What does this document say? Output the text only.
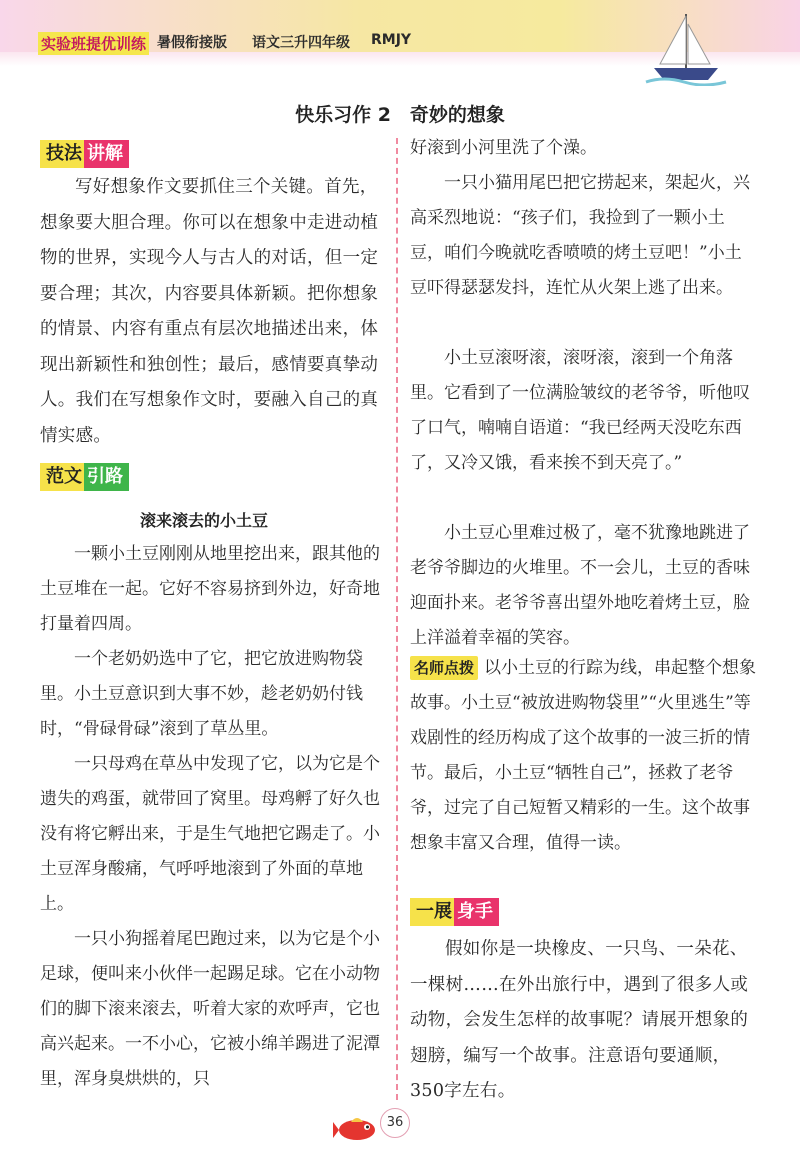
实验班提优训练 暑假衔接版 语文三升四年级 RMJY
快乐习作 2　奇妙的想象
技法 讲解

写好想象作文要抓住三个关键。首先，想象要大胆合理。你可以在想象中走进动植物的世界，实现今人与古人的对话，但一定要合理；其次，内容要具体新颖。把你想象的情景、内容有重点有层次地描述出来，体现出新颖性和独创性；最后，感情要真挚动人。我们在写想象作文时，要融入自己的真情实感。

范文 引路
滚来滚去的小土豆

一颗小土豆刚刚从地里挖出来，跟其他的土豆堆在一起。它好不容易挤到外边，好奇地打量着四周。

一个老奶奶选中了它，把它放进购物袋里。小土豆意识到大事不妙，趁老奶奶付钱时，“骨碌骨碌”滚到了草丛里。

一只母鸡在草丛中发现了它，以为它是个遗失的鸡蛋，就带回了窝里。母鸡孵了好久也没有将它孵出来，于是生气地把它踢走了。小土豆浑身酸痛，气呼呼地滚到了外面的草地上。

一只小狗摇着尾巴跑过来，以为它是个小足球，便叫来小伙伴一起踢足球。它在小动物们的脚下滚来滚去，听着大家的欢呼声，它也高兴起来。一不小心，它被小绵羊踢进了泥潭里，浑身臭烘烘的，只

好滚到小河里洗了个澡。

一只小猫用尾巴把它捞起来，架起火，兴高采烈地说：“孩子们，我捡到了一颗小土豆，咱们今晚就吃香喷喷的烤土豆吧！”小土豆吓得瑟瑟发抖，连忙从火架上逃了出来。

小土豆滚呀滚，滚呀滚，滚到一个角落里。它看到了一位满脸皱纹的老爷爷，听他叹了口气，喃喃自语道：“我已经两天没吃东西了，又冷又饿，看来挨不到天亮了。”

小土豆心里难过极了，毫不犹豫地跳进了老爷爷脚边的火堆里。不一会儿，土豆的香味迎面扑来。老爷爷喜出望外地吃着烤土豆，脸上洋溢着幸福的笑容。

名师点拨 以小土豆的行踪为线，串起整个想象故事。小土豆“被放进购物袋里”“火里逃生”等戏剧性的经历构成了这个故事的一波三折的情节。最后，小土豆“牺牲自己”，拯救了老爷爷，过完了自己短暂又精彩的一生。这个故事想象丰富又合理，值得一读。

一展 身手

假如你是一块橡皮、一只鸟、一朵花、一棵树……在外出旅行中，遇到了很多人或动物，会发生怎样的故事呢？请展开想象的翅膀，编写一个故事。注意语句要通顺，350字左右。

36
